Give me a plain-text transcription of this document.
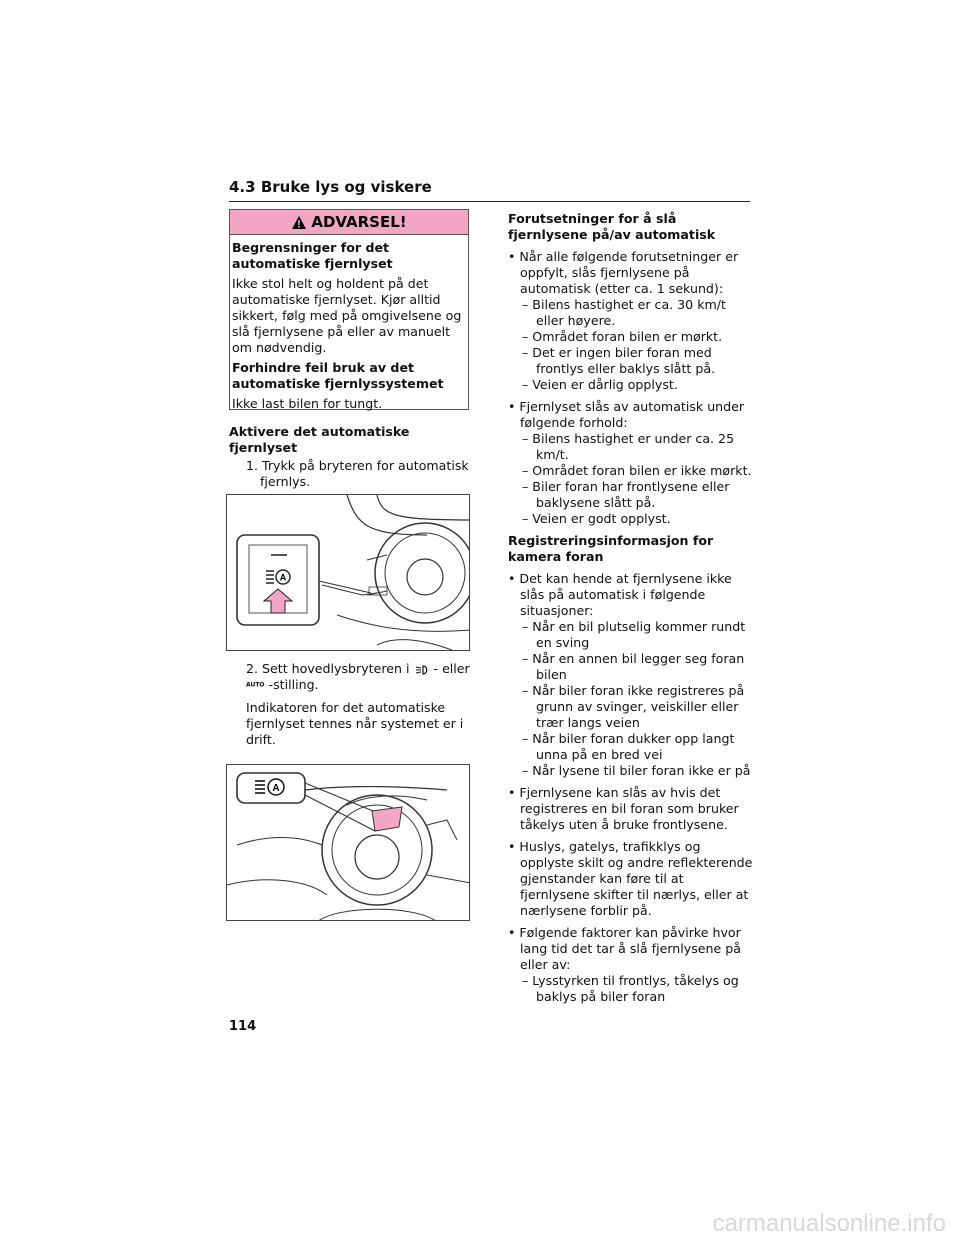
4.3 Bruke lys og viskere
ADVARSEL!

Begrensninger for det automatiske fjernlyset

Ikke stol helt og holdent på det automatiske fjernlyset. Kjør alltid sikkert, følg med på omgivelsene og slå fjernlysene på eller av manuelt om nødvendig.

Forhindre feil bruk av det automatiske fjernlyssystemet

Ikke last bilen for tungt.

Aktivere det automatiske fjernlyset

1. Trykk på bryteren for automatisk fjernlys.

A

2. Sett hovedlysbryteren i - eller

AUTO -stilling.

Indikatoren for det automatiske fjernlyset tennes når systemet er i drift.

A

Forutsetninger for å slå fjernlysene på/av automatisk

• Når alle følgende forutsetninger er oppfylt, slås fjernlysene på automatisk (etter ca. 1 sekund):

– Bilens hastighet er ca. 30 km/t eller høyere.

– Området foran bilen er mørkt.

– Det er ingen biler foran med frontlys eller baklys slått på.

– Veien er dårlig opplyst.

• Fjernlyset slås av automatisk under følgende forhold:

– Bilens hastighet er under ca. 25 km/t.

– Området foran bilen er ikke mørkt.

– Biler foran har frontlysene eller baklysene slått på.

– Veien er godt opplyst.

Registreringsinformasjon for kamera foran

• Det kan hende at fjernlysene ikke slås på automatisk i følgende situasjoner:

– Når en bil plutselig kommer rundt en sving

– Når en annen bil legger seg foran bilen

– Når biler foran ikke registreres på grunn av svinger, veiskiller eller trær langs veien

– Når biler foran dukker opp langt unna på en bred vei

– Når lysene til biler foran ikke er på

• Fjernlysene kan slås av hvis det registreres en bil foran som bruker tåkelys uten å bruke frontlysene.

• Huslys, gatelys, trafikklys og opplyste skilt og andre reflekterende gjenstander kan føre til at fjernlysene skifter til nærlys, eller at nærlysene forblir på.

• Følgende faktorer kan påvirke hvor lang tid det tar å slå fjernlysene på eller av:

– Lysstyrken til frontlys, tåkelys og baklys på biler foran

114
carmanualsonline.info
